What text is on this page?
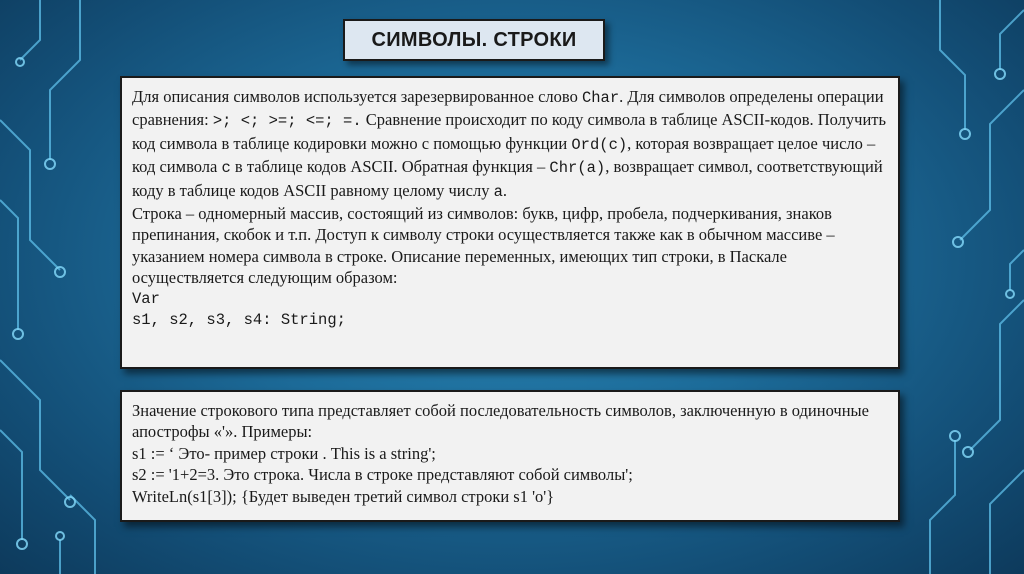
СИМВОЛЫ. СТРОКИ
Для описания символов используется зарезервированное слово Char. Для символов определены операции сравнения: >; <; >=; <=; =. Сравнение происходит по коду символа в таблице ASCII-кодов. Получить код символа в таблице кодировки можно с помощью функции Ord(c), которая возвращает целое число – код символа c в таблице кодов ASCII. Обратная функция – Chr(a), возвращает символ, соответствующий коду в таблице кодов ASCII равному целому числу a.
Строка – одномерный массив, состоящий из символов: букв, цифр, пробела, подчеркивания, знаков препинания, скобок и т.п. Доступ к символу строки осуществляется также как в обычном массиве – указанием номера символа в строке. Описание переменных, имеющих тип строки, в Паскале осуществляется следующим образом:
Var
s1, s2, s3, s4: String;
Значение строкового типа представляет собой последовательность символов, заключенную в одиночные апострофы «'». Примеры:
s1 := ‘ Это- пример строки . This is a string';
s2 := '1+2=3. Это строка. Числа в строке представляют собой символы';
WriteLn(s1[3]); {Будет выведен третий символ строки s1 'o'}
